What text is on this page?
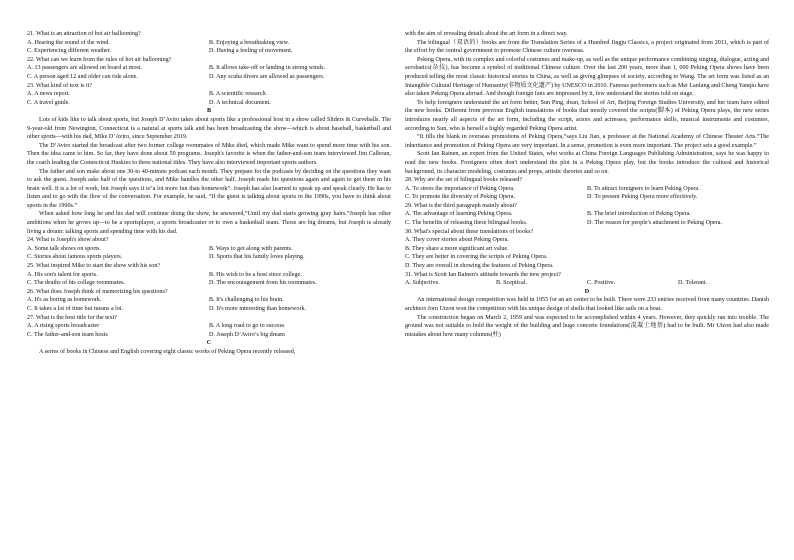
21. What is an attraction of hot air ballooning?

A. Hearing the sound of the wind.	B. Enjoying a breathtaking view.
C. Experiencing different weather.	D. Having a feeling of movement.

22. What can we learn from the rules of hot air ballooning?

A. 13 passengers are allowed on board at most.	B. It allows take-off or landing in strong winds.
C. A person aged 12 and older can ride alone.	D. Any scuba divers are allowed as passengers.

23. What kind of text is it?

A. A news report.	B. A scientific research.
C. A travel guide.	D. A technical document.

B

Lots of kids like to talk about sports, but Joseph D’Aviro takes about sports like a professional host in a show called Sliders & Curveballs. The 9-year-old from Newington, Connecticut is a natural at sports talk and has been broadcasting the show—which is about baseball, basketball and other sports—with his dad, Mike D’Aviro, since September 2019.

The D’Aviro started the broadcast after two former college roommates of Mike died, which made Mike want to spend more time with his son. Then the idea came to him. So far, they have done about 50 programs. Joseph's favorite is when the father-and-son team interviewed Jim Calhoun, the coach leading the Connecticut Huskies to three national titles. They have also interviewed important sports authors.

The father and son make about one 30-to 40-minute podcast each month. They prepare for the podcasts by deciding on the questions they want to ask the guest. Joseph asks half of the questions, and Mike handles the other half. Joseph reads his questions again and again to get them in his brain well. It is a lot of work, but Joseph says it is“a lot more fun than homework”. Joseph has also learned to speak up and speak clearly. He has to listen and to go with the flow of the conversation. For example, he said, “If the guest is talking about sports in the 1990s, you have to think about sports in the 1990s.”

When asked how long he and his dad will continue doing the show, he answered,“Until my dad starts growing gray hairs.”Joseph has other ambitions when he grows up—to be a sportsplayer, a sports broadcaster or to own a basketball team. Those are big dreams, but Joseph is already living a dream: talking sports and spending time with his dad.

24. What is Joseph's show about?

A. Some talk shows on sports.	B. Ways to get along with parents.
C. Stories about famous sports players.	D. Sports that his family loves playing.

25. What inspired Mike to start the show with his son?

A. His son's talent for sports.	B. His wish to be a host since college.
C. The deaths of his college roommates.	D. The encouragement from his roommates.

26. What does Joseph think of memorizing his questions?

A. It's as boring as homework.	B. It's challenging to his brain.
C. It takes a lot of time but means a lot.	D. It's more interesting than homework.

27. What is the best title for the text?

A. A rising sports broadcaster	B. A long road to go to success
C. The father-and-son team hosts	D. Joseph D’Aviro’s big dream

C

A series of books in Chinese and English covering eight classic works of Peking Opera recently released,

with the aim of revealing details about the art form in a direct way.

The bilingual（双语的）books are from the Translation Series of a Hundred Jingju Classics, a project originated from 2011, which is part of the effort by the central government to promote Chinese culture overseas.

Peking Opera, with its complex and colorful costumes and make-up, as well as the unique performance combining singing, dialogue, acting and acrobatics(杂技), has become a symbol of traditional Chinese culture. Over the last 200 years, more than 1, 000 Peking Opera shows have been produced telling the most classic historical stories in China, as well as giving glimpses of society, according to Wang. The art form was listed as an Intangible Cultural Heritage of Humanity(非物质文化遗产) by UNESCO in 2010. Famous performers such as Mei Lanfang and Cheng Yanqiu have also taken Peking Opera abroad. And though foreign fans are impressed by it, few understand the stories told on stage.

To help foreigners understand the art form better, Sun Ping, dean, School of Art, Beijing Foreign Studies University, and her team have edited the new books. Different from previous English translations of books that mostly covered the scripts(脚本) of Peking Opera plays, the new series introduces nearly all aspects of the art form, including the script, actors and actresses, performance skills, musical instruments and costumes, according to Sun, who is herself a highly regarded Peking Opera artist.

“It fills the blank in overseas promotions of Peking Opera,”says Liu Jian, a professor at the National Academy of Chinese Theater Arts.“The inheritance and promotion of Peking Opera are very important. In a sense, promotion is even more important. The project sets a good example.”

Scott Ian Rainen, an expert from the United States, who works at China Foreign Languages Publishing Administration, says he was happy to read the new books. Foreigners often don't understand the plot in a Peking Opera play, but the books introduce the cultural and historical background, its character modeling, costumes and props, artistic theories and so on.

28. Why are the set of bilingual books released?

A. To stress the importance of Peking Opera.	B. To attract foreigners to learn Peking Opera.
C. To promote the diversity of Peking Opera.	D. To present Peking Opera more effectively.

29. What is the third paragraph mainly about?

A. The advantage of learning Peking Opera.	B. The brief introduction of Peking Opera.
C. The benefits of releasing these bilingual books.	D. The reason for people's attachment to Peking Opera.

30. What's special about these translations of books?

A. They cover stories about Peking Opera.
B. They share a more significant art value.
C. They are better in covering the scripts of Peking Opera.
D. They are overall in showing the features of Peking Opera.

31. What is Scott Ian Rainen's attitude towards the new project?

A. Subjective.	B. Sceptical.	C. Positive.	D. Tolerant.

D

An international design competition was held in 1955 for an art center to be built. There were 233 entries received from many countries. Danish architect Jorn Utzon won the competition with his unique design of shells that looked like sails on a boat.

The construction began on March 2, 1959 and was expected to be accomplished within 4 years. However, they quickly ran into trouble. The ground was not suitable to hold the weight of the building and huge concrete foundations(混凝土地基) had to be built. Mr Utzon had also made mistakes about how many columns(柱)
